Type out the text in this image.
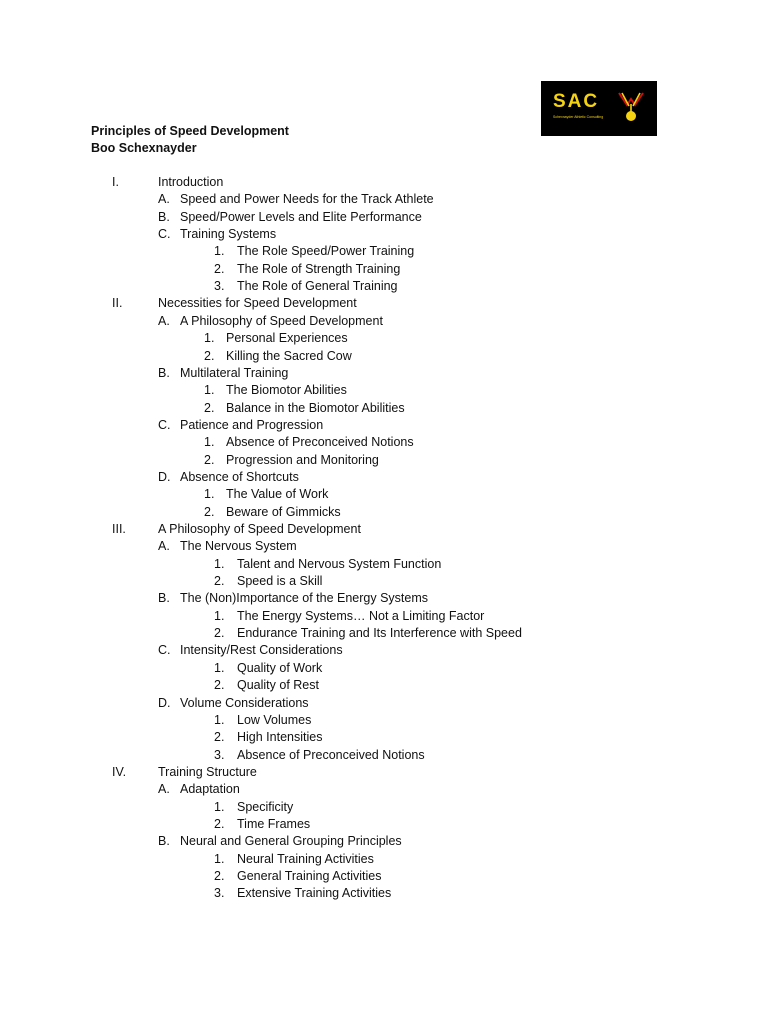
SAC
Schexnayder Athletic Consulting
Principles of Speed Development
Boo Schexnayder
I.	Introduction
A. Speed and Power Needs for the Track Athlete
B. Speed/Power Levels and Elite Performance
C. Training Systems
1. The Role Speed/Power Training
2. The Role of Strength Training
3. The Role of General Training
II.	Necessities for Speed Development
A. A Philosophy of Speed Development
1. Personal Experiences
2. Killing the Sacred Cow
B. Multilateral Training
1. The Biomotor Abilities
2. Balance in the Biomotor Abilities
C. Patience and Progression
1. Absence of Preconceived Notions
2. Progression and Monitoring
D. Absence of Shortcuts
1. The Value of Work
2. Beware of Gimmicks
III.	A Philosophy of Speed Development
A. The Nervous System
1. Talent and Nervous System Function
2. Speed is a Skill
B. The (Non)Importance of the Energy Systems
1. The Energy Systems… Not a Limiting Factor
2. Endurance Training and Its Interference with Speed
C. Intensity/Rest Considerations
1. Quality of Work
2. Quality of Rest
D. Volume Considerations
1. Low Volumes
2. High Intensities
3. Absence of Preconceived Notions
IV.	Training Structure
A. Adaptation
1. Specificity
2. Time Frames
B. Neural and General Grouping Principles
1. Neural Training Activities
2. General Training Activities
3. Extensive Training Activities
